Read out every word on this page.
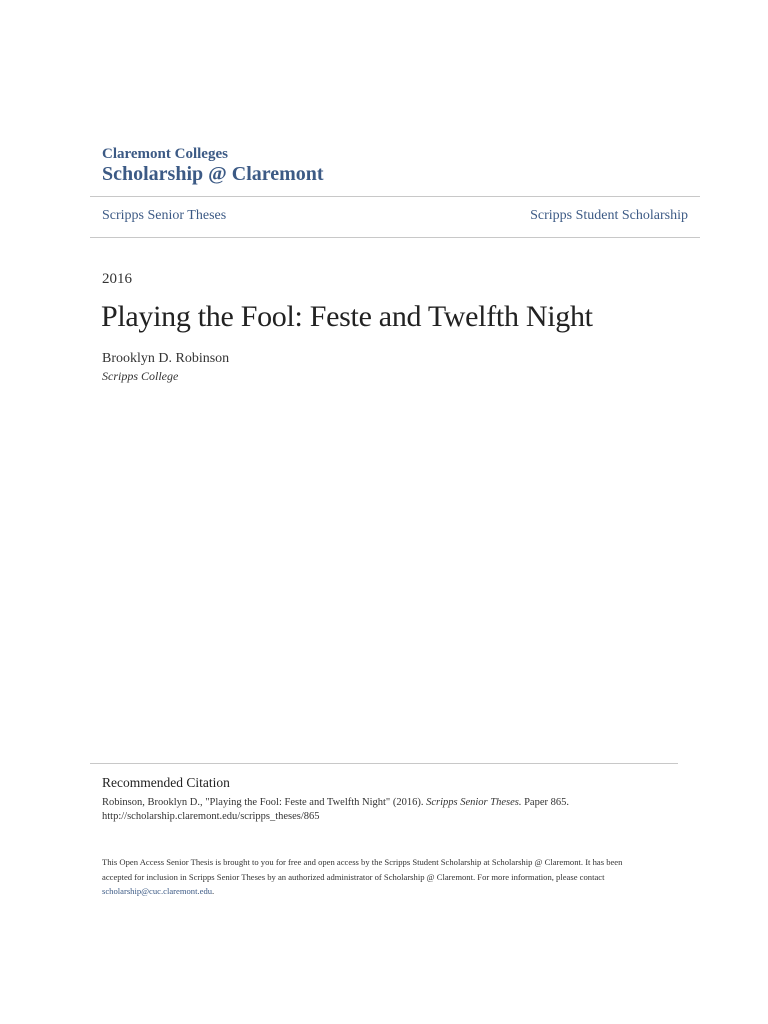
Claremont Colleges
Scholarship @ Claremont
Scripps Senior Theses	Scripps Student Scholarship
2016
Playing the Fool: Feste and Twelfth Night
Brooklyn D. Robinson
Scripps College
Recommended Citation
Robinson, Brooklyn D., "Playing the Fool: Feste and Twelfth Night" (2016). Scripps Senior Theses. Paper 865.
http://scholarship.claremont.edu/scripps_theses/865
This Open Access Senior Thesis is brought to you for free and open access by the Scripps Student Scholarship at Scholarship @ Claremont. It has been
accepted for inclusion in Scripps Senior Theses by an authorized administrator of Scholarship @ Claremont. For more information, please contact
scholarship@cuc.claremont.edu.
